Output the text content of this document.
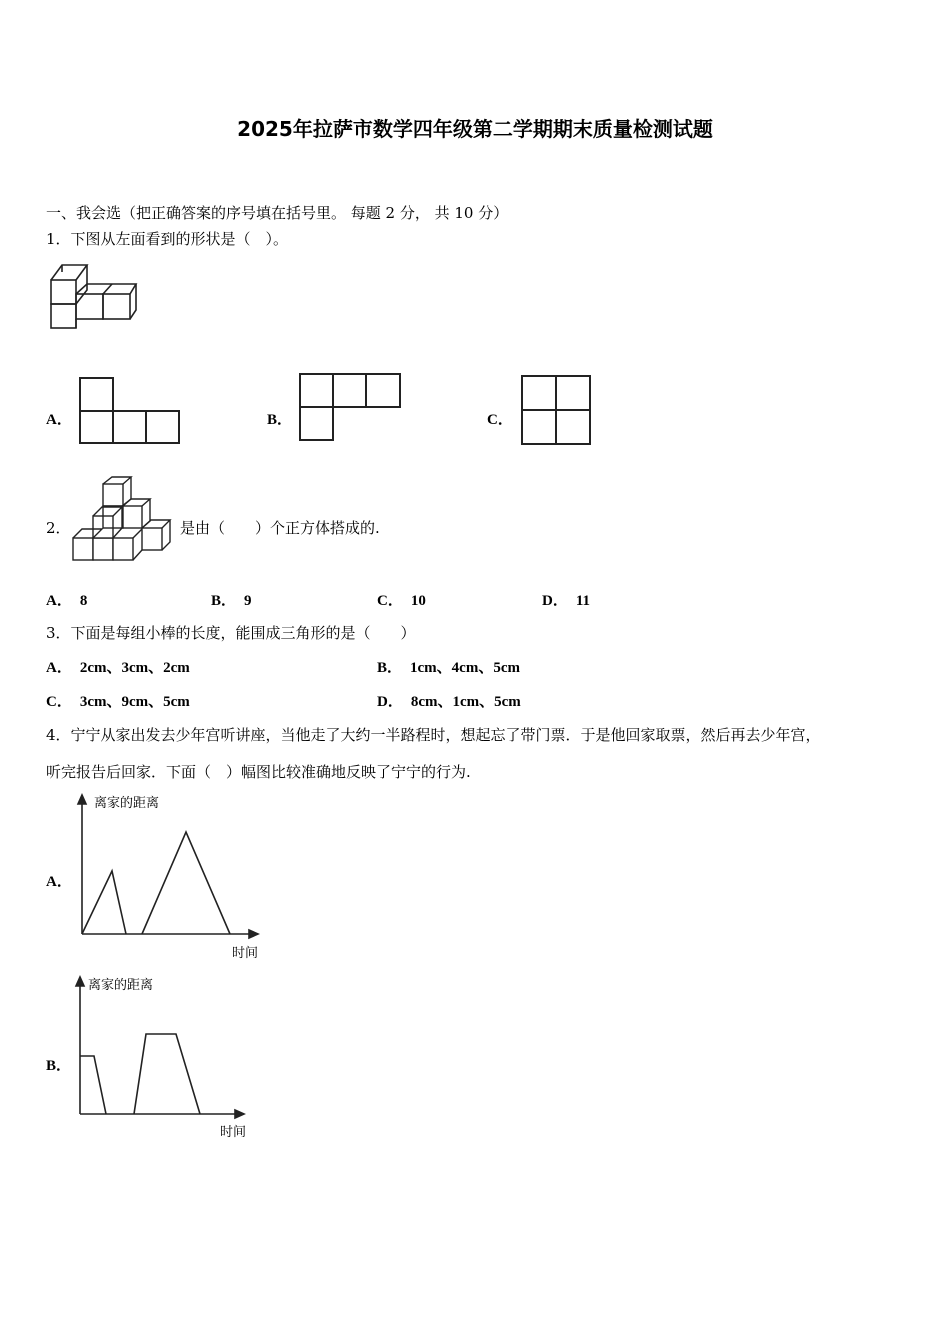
2025年拉萨市数学四年级第二学期期末质量检测试题
一、我会选（把正确答案的序号填在括号里。 每题 2 分， 共 10 分）
1．下图从左面看到的形状是（　）。
A．	B．	C．
2．	是由（　　）个正方体搭成的.
A． 8	B． 9	C． 10	D． 11
3．下面是每组小棒的长度，能围成三角形的是（　　）
A． 2cm、3cm、2cm	B． 1cm、4cm、5cm
C． 3cm、9cm、5cm	D． 8cm、1cm、5cm
4．宁宁从家出发去少年宫听讲座，当他走了大约一半路程时，想起忘了带门票．于是他回家取票，然后再去少年宫，
听完报告后回家．下面（　）幅图比较准确地反映了宁宁的行为.
A．
离家的距离
时间
B．
离家的距离
时间
